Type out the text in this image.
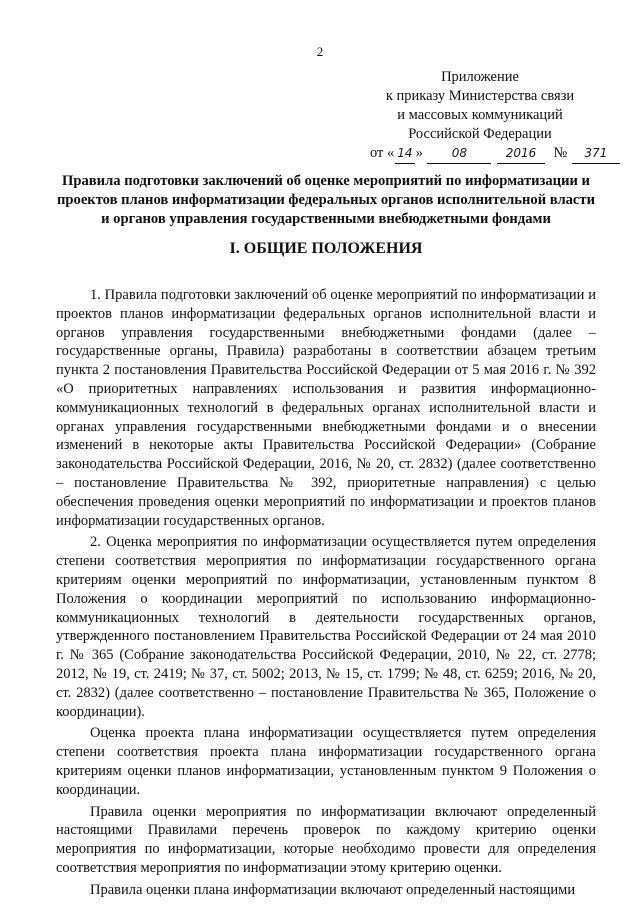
2
Приложение
к приказу Министерства связи
и массовых коммуникаций
Российской Федерации
от « 14 » 08	2016 № 371
Правила подготовки заключений об оценке мероприятий по информатизации и проектов планов информатизации федеральных органов исполнительной власти и органов управления государственными внебюджетными фондами
I. ОБЩИЕ ПОЛОЖЕНИЯ

1. Правила подготовки заключений об оценке мероприятий по информатизации и проектов планов информатизации федеральных органов исполнительной власти и органов управления государственными внебюджетными фондами (далее – государственные органы, Правила) разработаны в соответствии абзацем третьим пункта 2 постановления Правительства Российской Федерации от 5 мая 2016 г. № 392 «О приоритетных направлениях использования и развития информационно-коммуникационных технологий в федеральных органах исполнительной власти и органах управления государственными внебюджетными фондами и о внесении изменений в некоторые акты Правительства Российской Федерации» (Собрание законодательства Российской Федерации, 2016, № 20, ст. 2832) (далее соответственно – постановление Правительства № 392, приоритетные направления) с целью обеспечения проведения оценки мероприятий по информатизации и проектов планов информатизации государственных органов.

2. Оценка мероприятия по информатизации осуществляется путем определения степени соответствия мероприятия по информатизации государственного органа критериям оценки мероприятий по информатизации, установленным пунктом 8 Положения о координации мероприятий по использованию информационно-коммуникационных технологий в деятельности государственных органов, утвержденного постановлением Правительства Российской Федерации от 24 мая 2010 г. № 365 (Собрание законодательства Российской Федерации, 2010, № 22, ст. 2778; 2012, № 19, ст. 2419; № 37, ст. 5002; 2013, № 15, ст. 1799; № 48, ст. 6259; 2016, № 20, ст. 2832) (далее соответственно – постановление Правительства № 365, Положение о координации).

Оценка проекта плана информатизации осуществляется путем определения степени соответствия проекта плана информатизации государственного органа критериям оценки планов информатизации, установленным пунктом 9 Положения о координации.

Правила оценки мероприятия по информатизации включают определенный настоящими Правилами перечень проверок по каждому критерию оценки мероприятия по информатизации, которые необходимо провести для определения соответствия мероприятия по информатизации этому критерию оценки.

Правила оценки плана информатизации включают определенный настоящими
